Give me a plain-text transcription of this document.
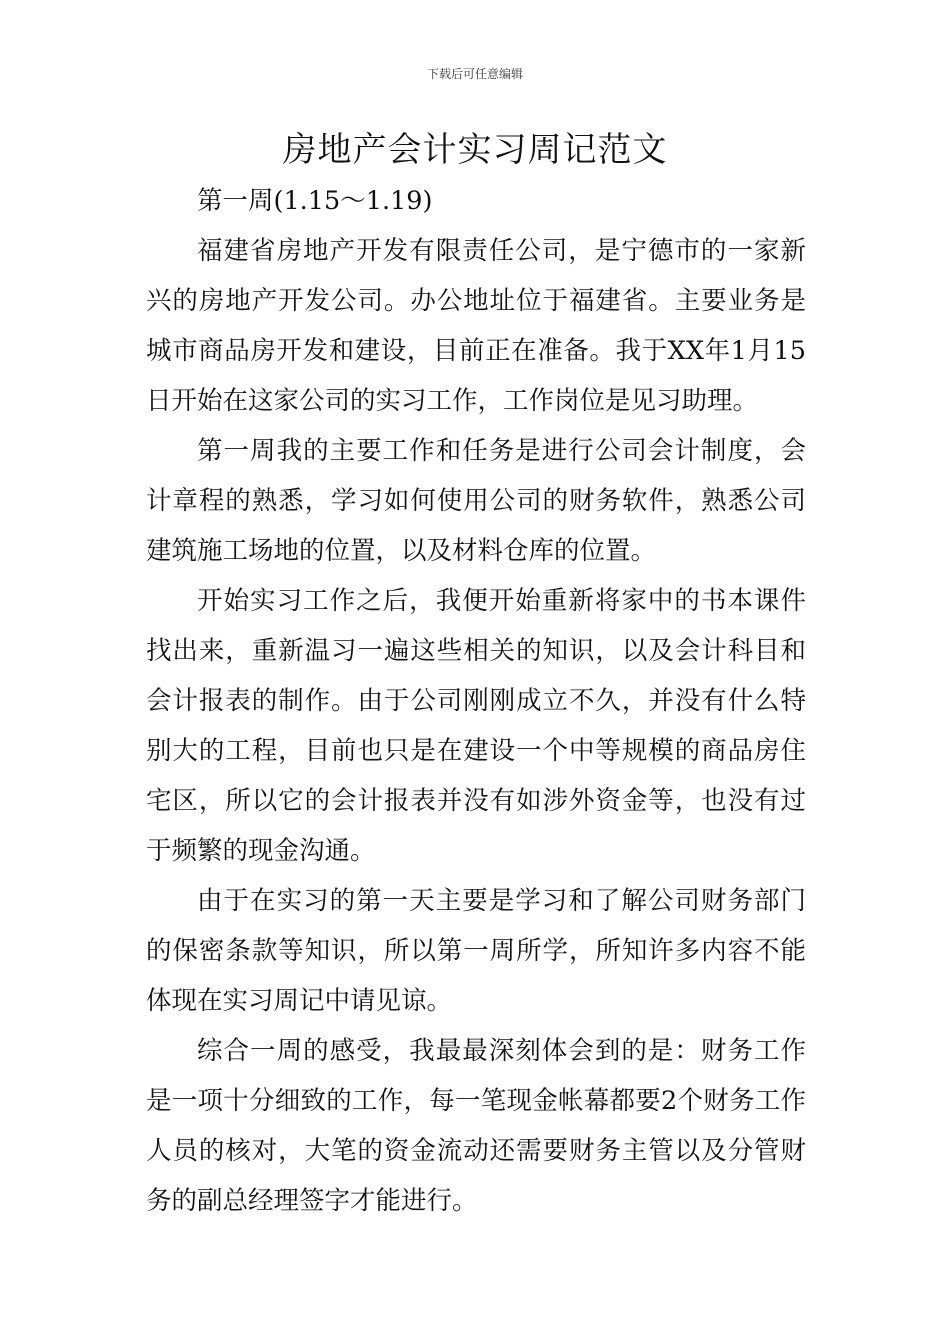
下载后可任意编辑
房地产会计实习周记范文

第一周(1.15～1.19)

福建省房地产开发有限责任公司，是宁德市的一家新兴的房地产开发公司。办公地址位于福建省。主要业务是城市商品房开发和建设，目前正在准备。我于XX年1月15日开始在这家公司的实习工作，工作岗位是见习助理。

第一周我的主要工作和任务是进行公司会计制度，会计章程的熟悉，学习如何使用公司的财务软件，熟悉公司建筑施工场地的位置，以及材料仓库的位置。

开始实习工作之后，我便开始重新将家中的书本课件找出来，重新温习一遍这些相关的知识，以及会计科目和会计报表的制作。由于公司刚刚成立不久，并没有什么特别大的工程，目前也只是在建设一个中等规模的商品房住宅区，所以它的会计报表并没有如涉外资金等，也没有过于频繁的现金沟通。

由于在实习的第一天主要是学习和了解公司财务部门的保密条款等知识，所以第一周所学，所知许多内容不能体现在实习周记中请见谅。

综合一周的感受，我最最深刻体会到的是：财务工作是一项十分细致的工作，每一笔现金帐幕都要2个财务工作人员的核对，大笔的资金流动还需要财务主管以及分管财务的副总经理签字才能进行。
